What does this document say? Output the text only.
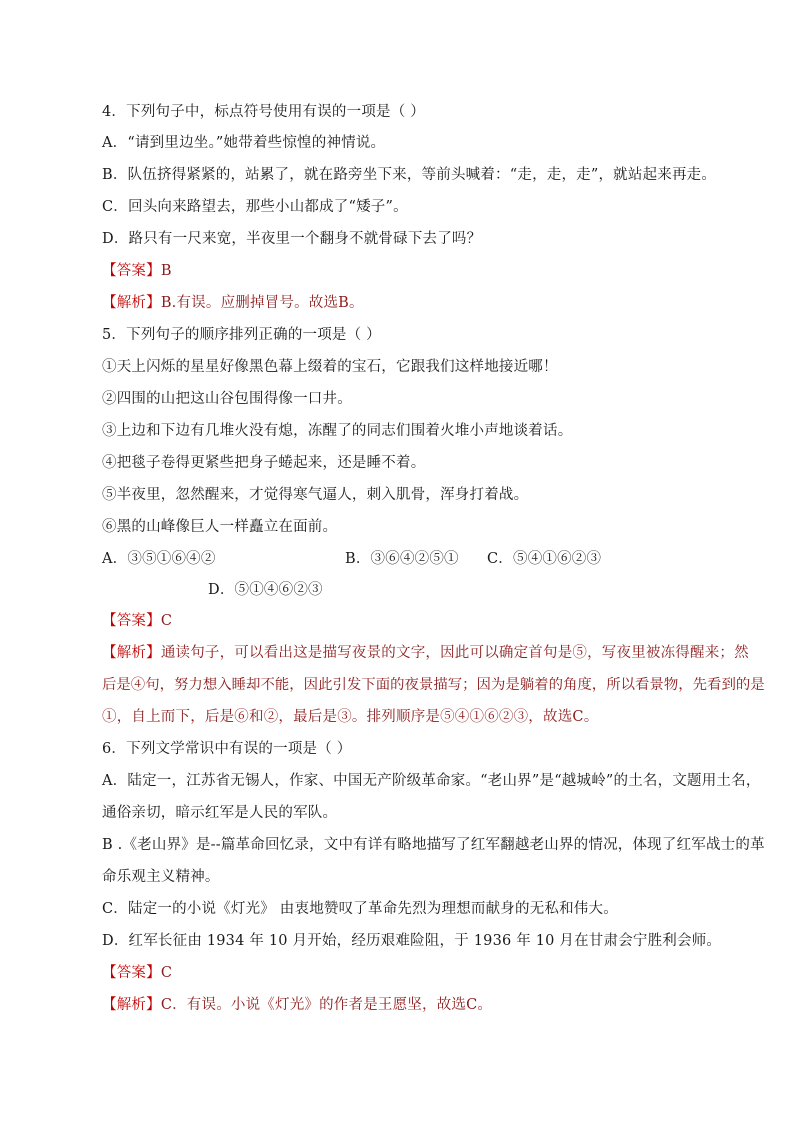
4．下列句子中，标点符号使用有误的一项是（ ）
A．“请到里边坐。”她带着些惊惶的神情说。
B．队伍挤得紧紧的，站累了，就在路旁坐下来，等前头喊着：“走，走，走”，就站起来再走。
C．回头向来路望去，那些小山都成了“矮子”。
D．路只有一尺来宽，半夜里一个翻身不就骨碌下去了吗？
【答案】B
【解析】B.有误。应删掉冒号。故选B。
5．下列句子的顺序排列正确的一项是（ ）
①天上闪烁的星星好像黑色幕上缀着的宝石，它跟我们这样地接近哪！
②四围的山把这山谷包围得像一口井。
③上边和下边有几堆火没有熄，冻醒了的同志们围着火堆小声地谈着话。
④把毯子卷得更紧些把身子蜷起来，还是睡不着。
⑤半夜里，忽然醒来，才觉得寒气逼人，刺入肌骨，浑身打着战。
⑥黑的山峰像巨人一样矗立在面前。
A．③⑤①⑥④②	B．③⑥④②⑤① C．⑤④①⑥②③
D．⑤①④⑥②③
【答案】C
【解析】通读句子，可以看出这是描写夜景的文字，因此可以确定首句是⑤，写夜里被冻得醒来；然
后是④句，努力想入睡却不能，因此引发下面的夜景描写；因为是躺着的角度，所以看景物，先看到的是
①，自上而下，后是⑥和②，最后是③。排列顺序是⑤④①⑥②③，故选C。
6．下列文学常识中有误的一项是（ ）
A．陆定一，江苏省无锡人，作家、中国无产阶级革命家。“老山界”是“越城岭”的土名，文题用土名，
通俗亲切，暗示红军是人民的军队。
B .《老山界》是--篇革命回忆录，文中有详有略地描写了红军翻越老山界的情况，体现了红军战士的革
命乐观主义精神。
C．陆定一的小说《灯光》 由衷地赞叹了革命先烈为理想而献身的无私和伟大。
D．红军长征由 1934 年 10 月开始，经历艰难险阻，于 1936 年 10 月在甘肃会宁胜利会师。
【答案】C
【解析】C．有误。小说《灯光》的作者是王愿坚，故选C。
